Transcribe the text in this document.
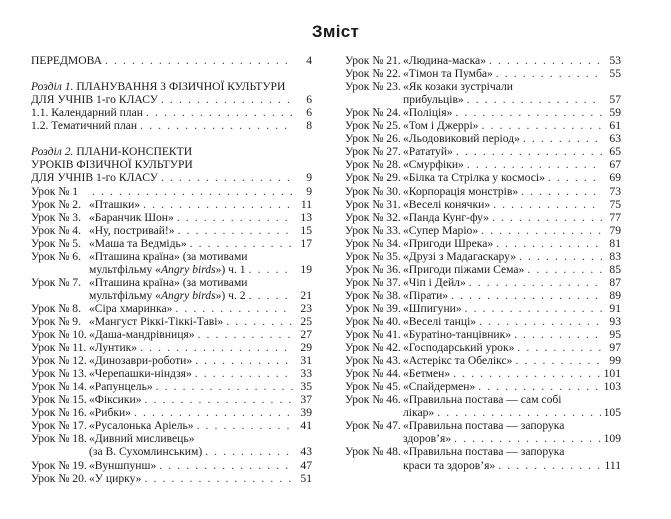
Зміст
ПЕРЕДМОВА . . .	4
Розділ 1. ПЛАНУВАННЯ З ФІЗИЧНОЇ КУЛЬТУРИ
ДЛЯ УЧНІВ 1-го КЛАСУ . . .	6
1.1. Календарний план . . .	6
1.2. Тематичний план . . .	8
Розділ 2. ПЛАНИ-КОНСПЕКТИ
УРОКІВ ФІЗИЧНОЇ КУЛЬТУРИ
ДЛЯ УЧНІВ 1-го КЛАСУ . . .	9
Урок № 1 . . .	9
Урок № 2. «Пташки» . . .	11
Урок № 3. «Баранчик Шон» . . .	13
Урок № 4. «Ну, постривай!» . . .	15
Урок № 5. «Маша та Ведмідь» . . .	17
Урок № 6. «Пташина країна» (за мотивами
мультфільму «Angry birds») ч. 1 . . .	19
Урок № 7. «Пташина країна» (за мотивами
мультфільму «Angry birds») ч. 2 . . .	21
Урок № 8. «Сіра хмаринка» . . .	23
Урок № 9. «Мангуст Ріккі-Тіккі-Таві» . . .	25
Урок № 10. «Даша-мандрівниця» . . .	27
Урок № 11. «Лунтик» . . .	29
Урок № 12. «Динозаври-роботи» . . .	31
Урок № 13. «Черепашки-ніндзя» . . .	33
Урок № 14. «Рапунцель» . . .	35
Урок № 15. «Фіксики» . . .	37
Урок № 16. «Рибки» . . .	39
Урок № 17. «Русалонька Аріель» . . .	41
Урок № 18. «Дивний мисливець»
(за В. Сухомлинським) . . .	43
Урок № 19. «Вуншпунш» . . .	47
Урок № 20. «У цирку» . . .	51
Урок № 21. «Людина-маска» . . .	53
Урок № 22. «Тімон та Пумба» . . .	55
Урок № 23. «Як козаки зустрічали
прибульців» . . .	57
Урок № 24. «Поліція» . . .	59
Урок № 25. «Том і Джеррі» . . .	61
Урок № 26. «Льодовиковий період» . . .	63
Урок № 27. «Рататуй» . . .	65
Урок № 28. «Смурфіки» . . .	67
Урок № 29. «Білка та Стрілка у космосі» . . .	69
Урок № 30. «Корпорація монстрів» . . .	73
Урок № 31. «Веселі конячки» . . .	75
Урок № 32. «Панда Кунг-фу» . . .	77
Урок № 33. «Супер Маріо» . . .	79
Урок № 34. «Пригоди Шрека» . . .	81
Урок № 35. «Друзі з Мадагаскару» . . .	83
Урок № 36. «Пригоди піжами Сема» . . .	85
Урок № 37. «Чіп і Дейл» . . .	87
Урок № 38. «Пірати» . . .	89
Урок № 39. «Шпигуни» . . .	91
Урок № 40. «Веселі танці» . . .	93
Урок № 41. «Буратіно-танцівник» . . .	95
Урок № 42. «Господарський урок» . . .	97
Урок № 43. «Астерікс та Обелікс» . . .	99
Урок № 44. «Бетмен» . . .	101
Урок № 45. «Спайдермен» . . .	103
Урок № 46. «Правильна постава — сам собі
лікар» . . .	105
Урок № 47. «Правильна постава — запорука
здоров’я» . . .	109
Урок № 48. «Правильна постава — запорука
краси та здоров’я» . . .	111
